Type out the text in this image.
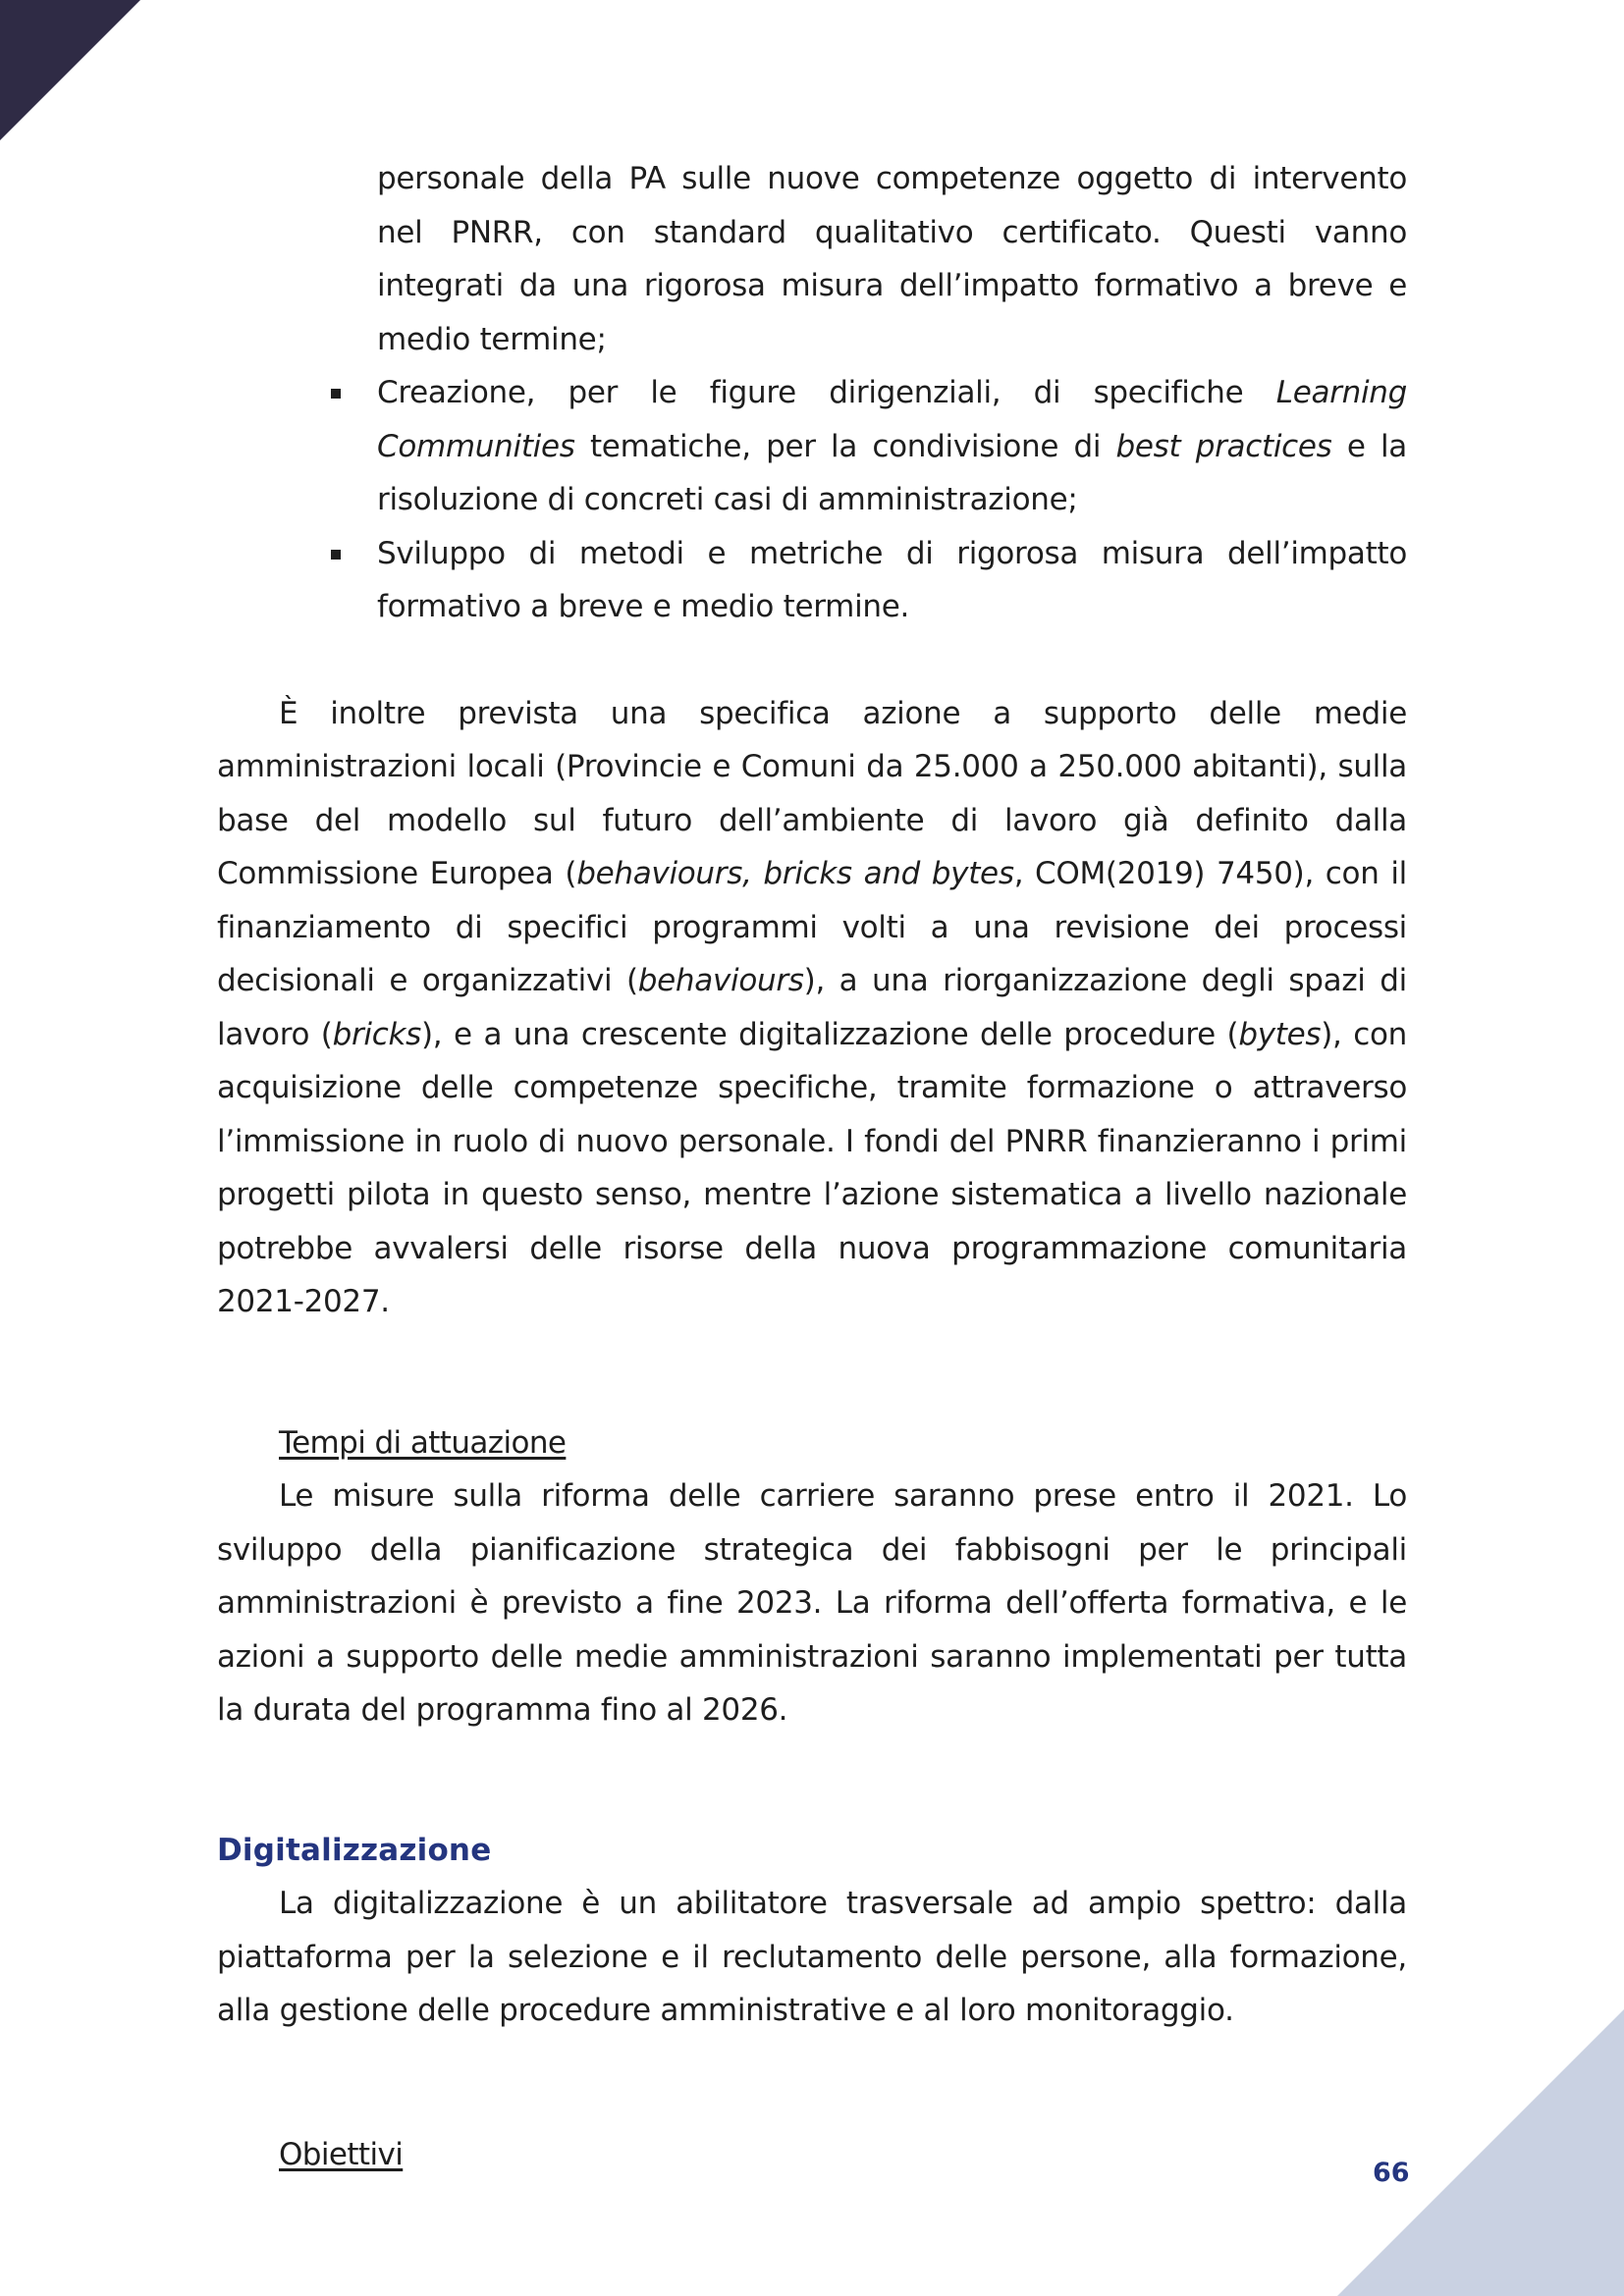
personale della PA sulle nuove competenze oggetto di intervento nel PNRR, con standard qualitativo certificato. Questi vanno integrati da una rigorosa misura dell’impatto formativo a breve e medio termine;

Creazione, per le figure dirigenziali, di specifiche Learning Communities tematiche, per la condivisione di best practices e la risoluzione di concreti casi di amministrazione;
Sviluppo di metodi e metriche di rigorosa misura dell’impatto formativo a breve e medio termine.

È inoltre prevista una specifica azione a supporto delle medie amministrazioni locali (Provincie e Comuni da 25.000 a 250.000 abitanti), sulla base del modello sul futuro dell’ambiente di lavoro già definito dalla Commissione Europea (behaviours, bricks and bytes, COM(2019) 7450), con il finanziamento di specifici programmi volti a una revisione dei processi decisionali e organizzativi (behaviours), a una riorganizzazione degli spazi di lavoro (bricks), e a una crescente digitalizzazione delle procedure (bytes), con acquisizione delle competenze specifiche, tramite formazione o attraverso l’immissione in ruolo di nuovo personale. I fondi del PNRR finanzieranno i primi progetti pilota in questo senso, mentre l’azione sistematica a livello nazionale potrebbe avvalersi delle risorse della nuova programmazione comunitaria 2021-2027.

Tempi di attuazione

Le misure sulla riforma delle carriere saranno prese entro il 2021. Lo sviluppo della pianificazione strategica dei fabbisogni per le principali amministrazioni è previsto a fine 2023. La riforma dell’offerta formativa, e le azioni a supporto delle medie amministrazioni saranno implementati per tutta la durata del programma fino al 2026.

Digitalizzazione

La digitalizzazione è un abilitatore trasversale ad ampio spettro: dalla piattaforma per la selezione e il reclutamento delle persone, alla formazione, alla gestione delle procedure amministrative e al loro monitoraggio.

Obiettivi

66
